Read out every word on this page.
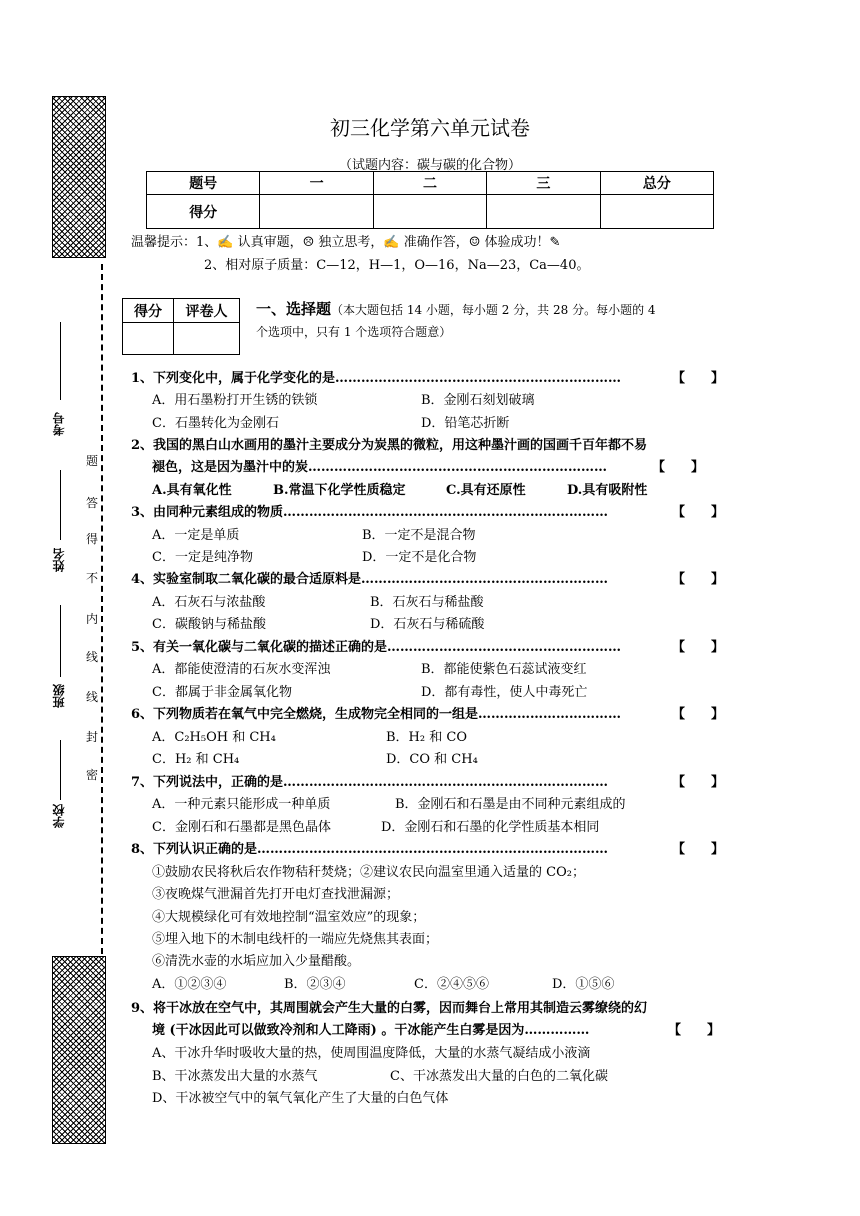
考号
姓名
班级
学校
题
答
得
不
内
线
线
封
密
初三化学第六单元试卷
（试题内容：碳与碳的化合物）
题号	一	二	三	总分
得分				
温馨提示：1、✍ 认真审题，☹ 独立思考，✍ 准确作答，☺ 体验成功！✎
2、相对原子质量：C—12，H—1，O—16，Na—23，Ca—40。
得分	评卷人
	一、选择题（本大题包括 14 小题，每小题 2 分，共 28 分。每小题的 4
个选项中，只有 1 个选项符合题意）
1、下列变化中，属于化学变化的是…………………………………………………………	【　　】
A．用石墨粉打开生锈的铁锁	B．金刚石刻划破璃
C．石墨转化为金刚石	D．铅笔芯折断
2、我国的黑白山水画用的墨汁主要成分为炭黑的微粒，用这种墨汁画的国画千百年都不易
褪色，这是因为墨汁中的炭……………………………………………………………	【　　】
A.具有氧化性	B.常温下化学性质稳定	C.具有还原性	D.具有吸附性
3、由同种元素组成的物质…………………………………………………………………	【　　】
A．一定是单质	B．一定不是混合物
C．一定是纯净物	D．一定不是化合物
4、实验室制取二氧化碳的最合适原料是…………………………………………………	【　　】
A．石灰石与浓盐酸	B．石灰石与稀盐酸
C．碳酸钠与稀盐酸	D．石灰石与稀硫酸
5、有关一氧化碳与二氧化碳的描述正确的是………………………………………………	【　　】
A．都能使澄清的石灰水变浑浊	B．都能使紫色石蕊试液变红
C．都属于非金属氧化物	D．都有毒性，使人中毒死亡
6、下列物质若在氧气中完全燃烧，生成物完全相同的一组是……………………………	【　　】
A．C₂H₅OH 和 CH₄	B．H₂ 和 CO
C．H₂ 和 CH₄	D．CO 和 CH₄
7、下列说法中，正确的是…………………………………………………………………	【　　】
A．一种元素只能形成一种单质	B．金刚石和石墨是由不同种元素组成的
C．金刚石和石墨都是黑色晶体	D．金刚石和石墨的化学性质基本相同
8、下列认识正确的是………………………………………………………………………	【　　】
①鼓励农民将秋后农作物秸秆焚烧；②建议农民向温室里通入适量的 CO₂；
③夜晚煤气泄漏首先打开电灯查找泄漏源；
④大规模绿化可有效地控制“温室效应”的现象；
⑤埋入地下的木制电线杆的一端应先烧焦其表面；
⑥清洗水壶的水垢应加入少量醋酸。
A．①②③④	B．②③④	C．②④⑤⑥	D．①⑤⑥
9、将干冰放在空气中，其周围就会产生大量的白雾，因而舞台上常用其制造云雾缭绕的幻
境 (干冰因此可以做致冷剂和人工降雨) 。干冰能产生白雾是因为……………	【　　】
A、干冰升华时吸收大量的热，使周围温度降低，大量的水蒸气凝结成小液滴
B、干冰蒸发出大量的水蒸气	C、干冰蒸发出大量的白色的二氧化碳
D、干冰被空气中的氧气氧化产生了大量的白色气体
